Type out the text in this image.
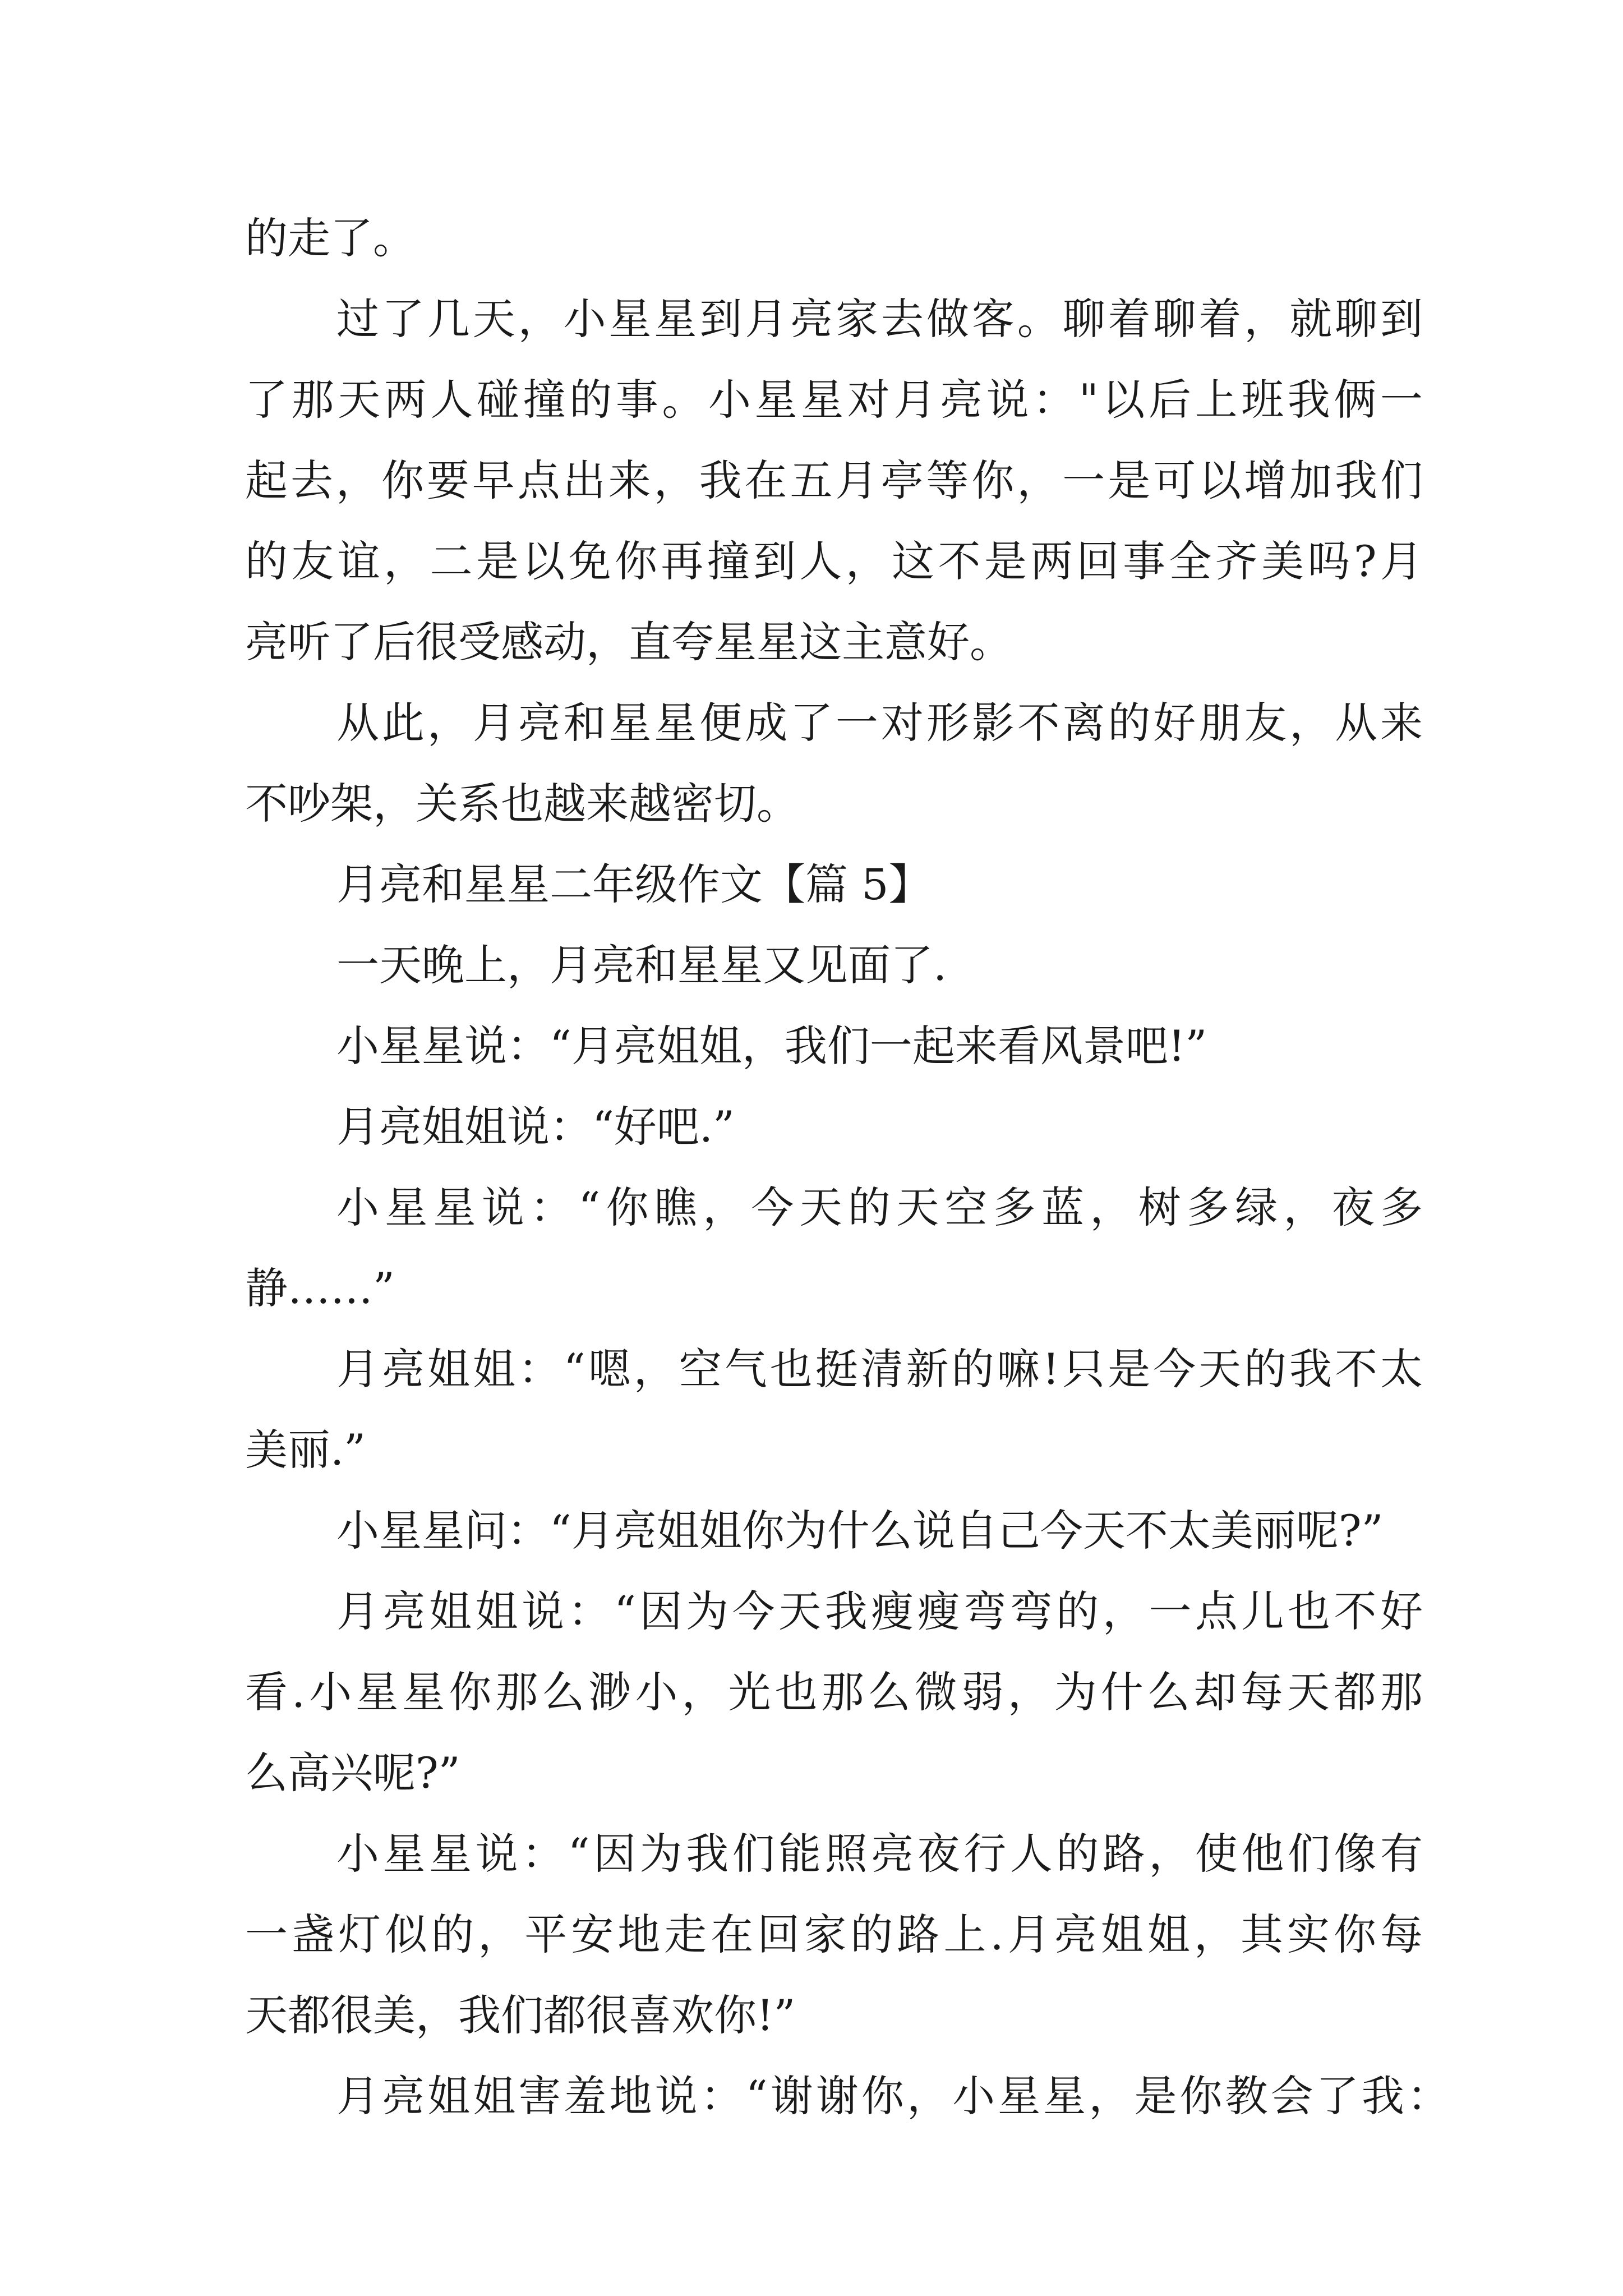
的走了。
过了几天，小星星到月亮家去做客。聊着聊着，就聊到
了那天两人碰撞的事。小星星对月亮说："以后上班我俩一
起去，你要早点出来，我在五月亭等你，一是可以增加我们
的友谊，二是以免你再撞到人，这不是两回事全齐美吗?月
亮听了后很受感动，直夸星星这主意好。
从此，月亮和星星便成了一对形影不离的好朋友，从来
不吵架，关系也越来越密切。
月亮和星星二年级作文【篇 5】
一天晚上，月亮和星星又见面了.
小星星说：“月亮姐姐，我们一起来看风景吧!”
月亮姐姐说：“好吧.”
小星星说：“你瞧，今天的天空多蓝，树多绿，夜多
静……”
月亮姐姐：“嗯，空气也挺清新的嘛!只是今天的我不太
美丽.”
小星星问：“月亮姐姐你为什么说自己今天不太美丽呢?”
月亮姐姐说：“因为今天我瘦瘦弯弯的，一点儿也不好
看.小星星你那么渺小，光也那么微弱，为什么却每天都那
么高兴呢?”
小星星说：“因为我们能照亮夜行人的路，使他们像有
一盏灯似的，平安地走在回家的路上.月亮姐姐，其实你每
天都很美，我们都很喜欢你!”
月亮姐姐害羞地说：“谢谢你，小星星，是你教会了我：
